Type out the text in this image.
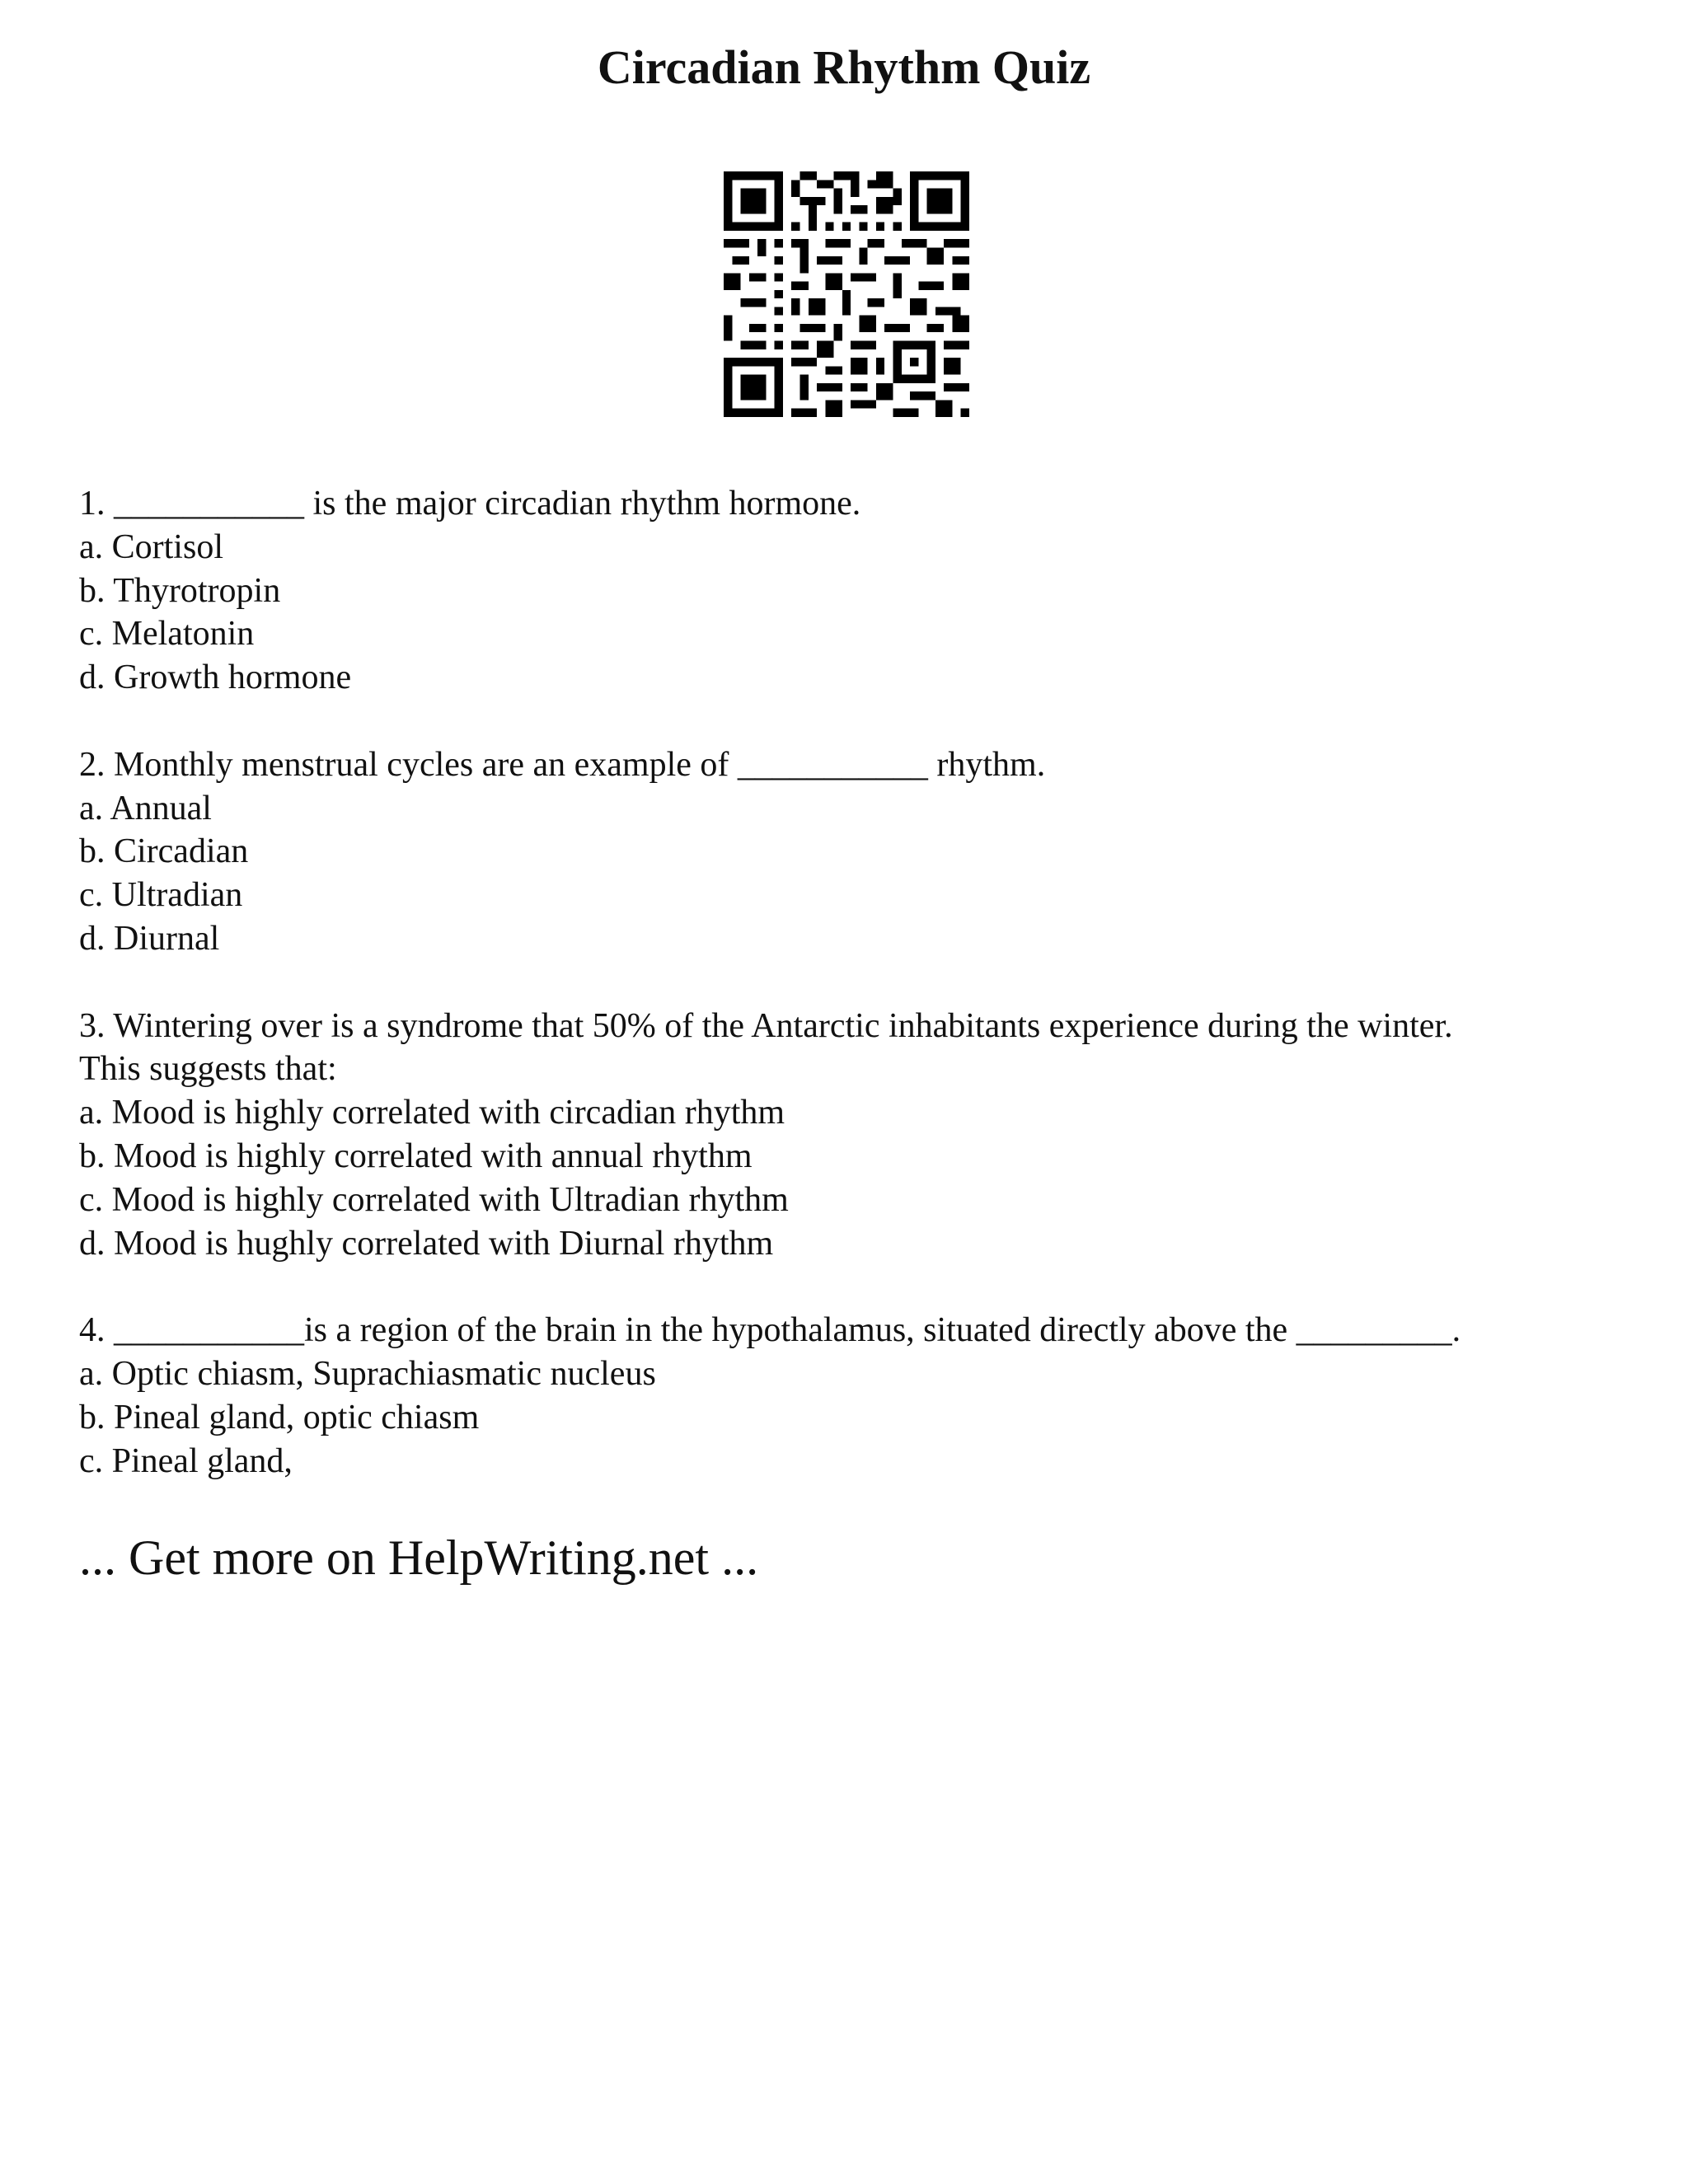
Circadian Rhythm Quiz
1. ___________ is the major circadian rhythm hormone.
a. Cortisol
b. Thyrotropin
c. Melatonin
d. Growth hormone
2. Monthly menstrual cycles are an example of ___________ rhythm.
a. Annual
b. Circadian
c. Ultradian
d. Diurnal
3. Wintering over is a syndrome that 50% of the Antarctic inhabitants experience during the winter.
This suggests that:
a. Mood is highly correlated with circadian rhythm
b. Mood is highly correlated with annual rhythm
c. Mood is highly correlated with Ultradian rhythm
d. Mood is hughly correlated with Diurnal rhythm
4. ___________is a region of the brain in the hypothalamus, situated directly above the _________.
a. Optic chiasm, Suprachiasmatic nucleus
b. Pineal gland, optic chiasm
c. Pineal gland,
... Get more on HelpWriting.net ...
